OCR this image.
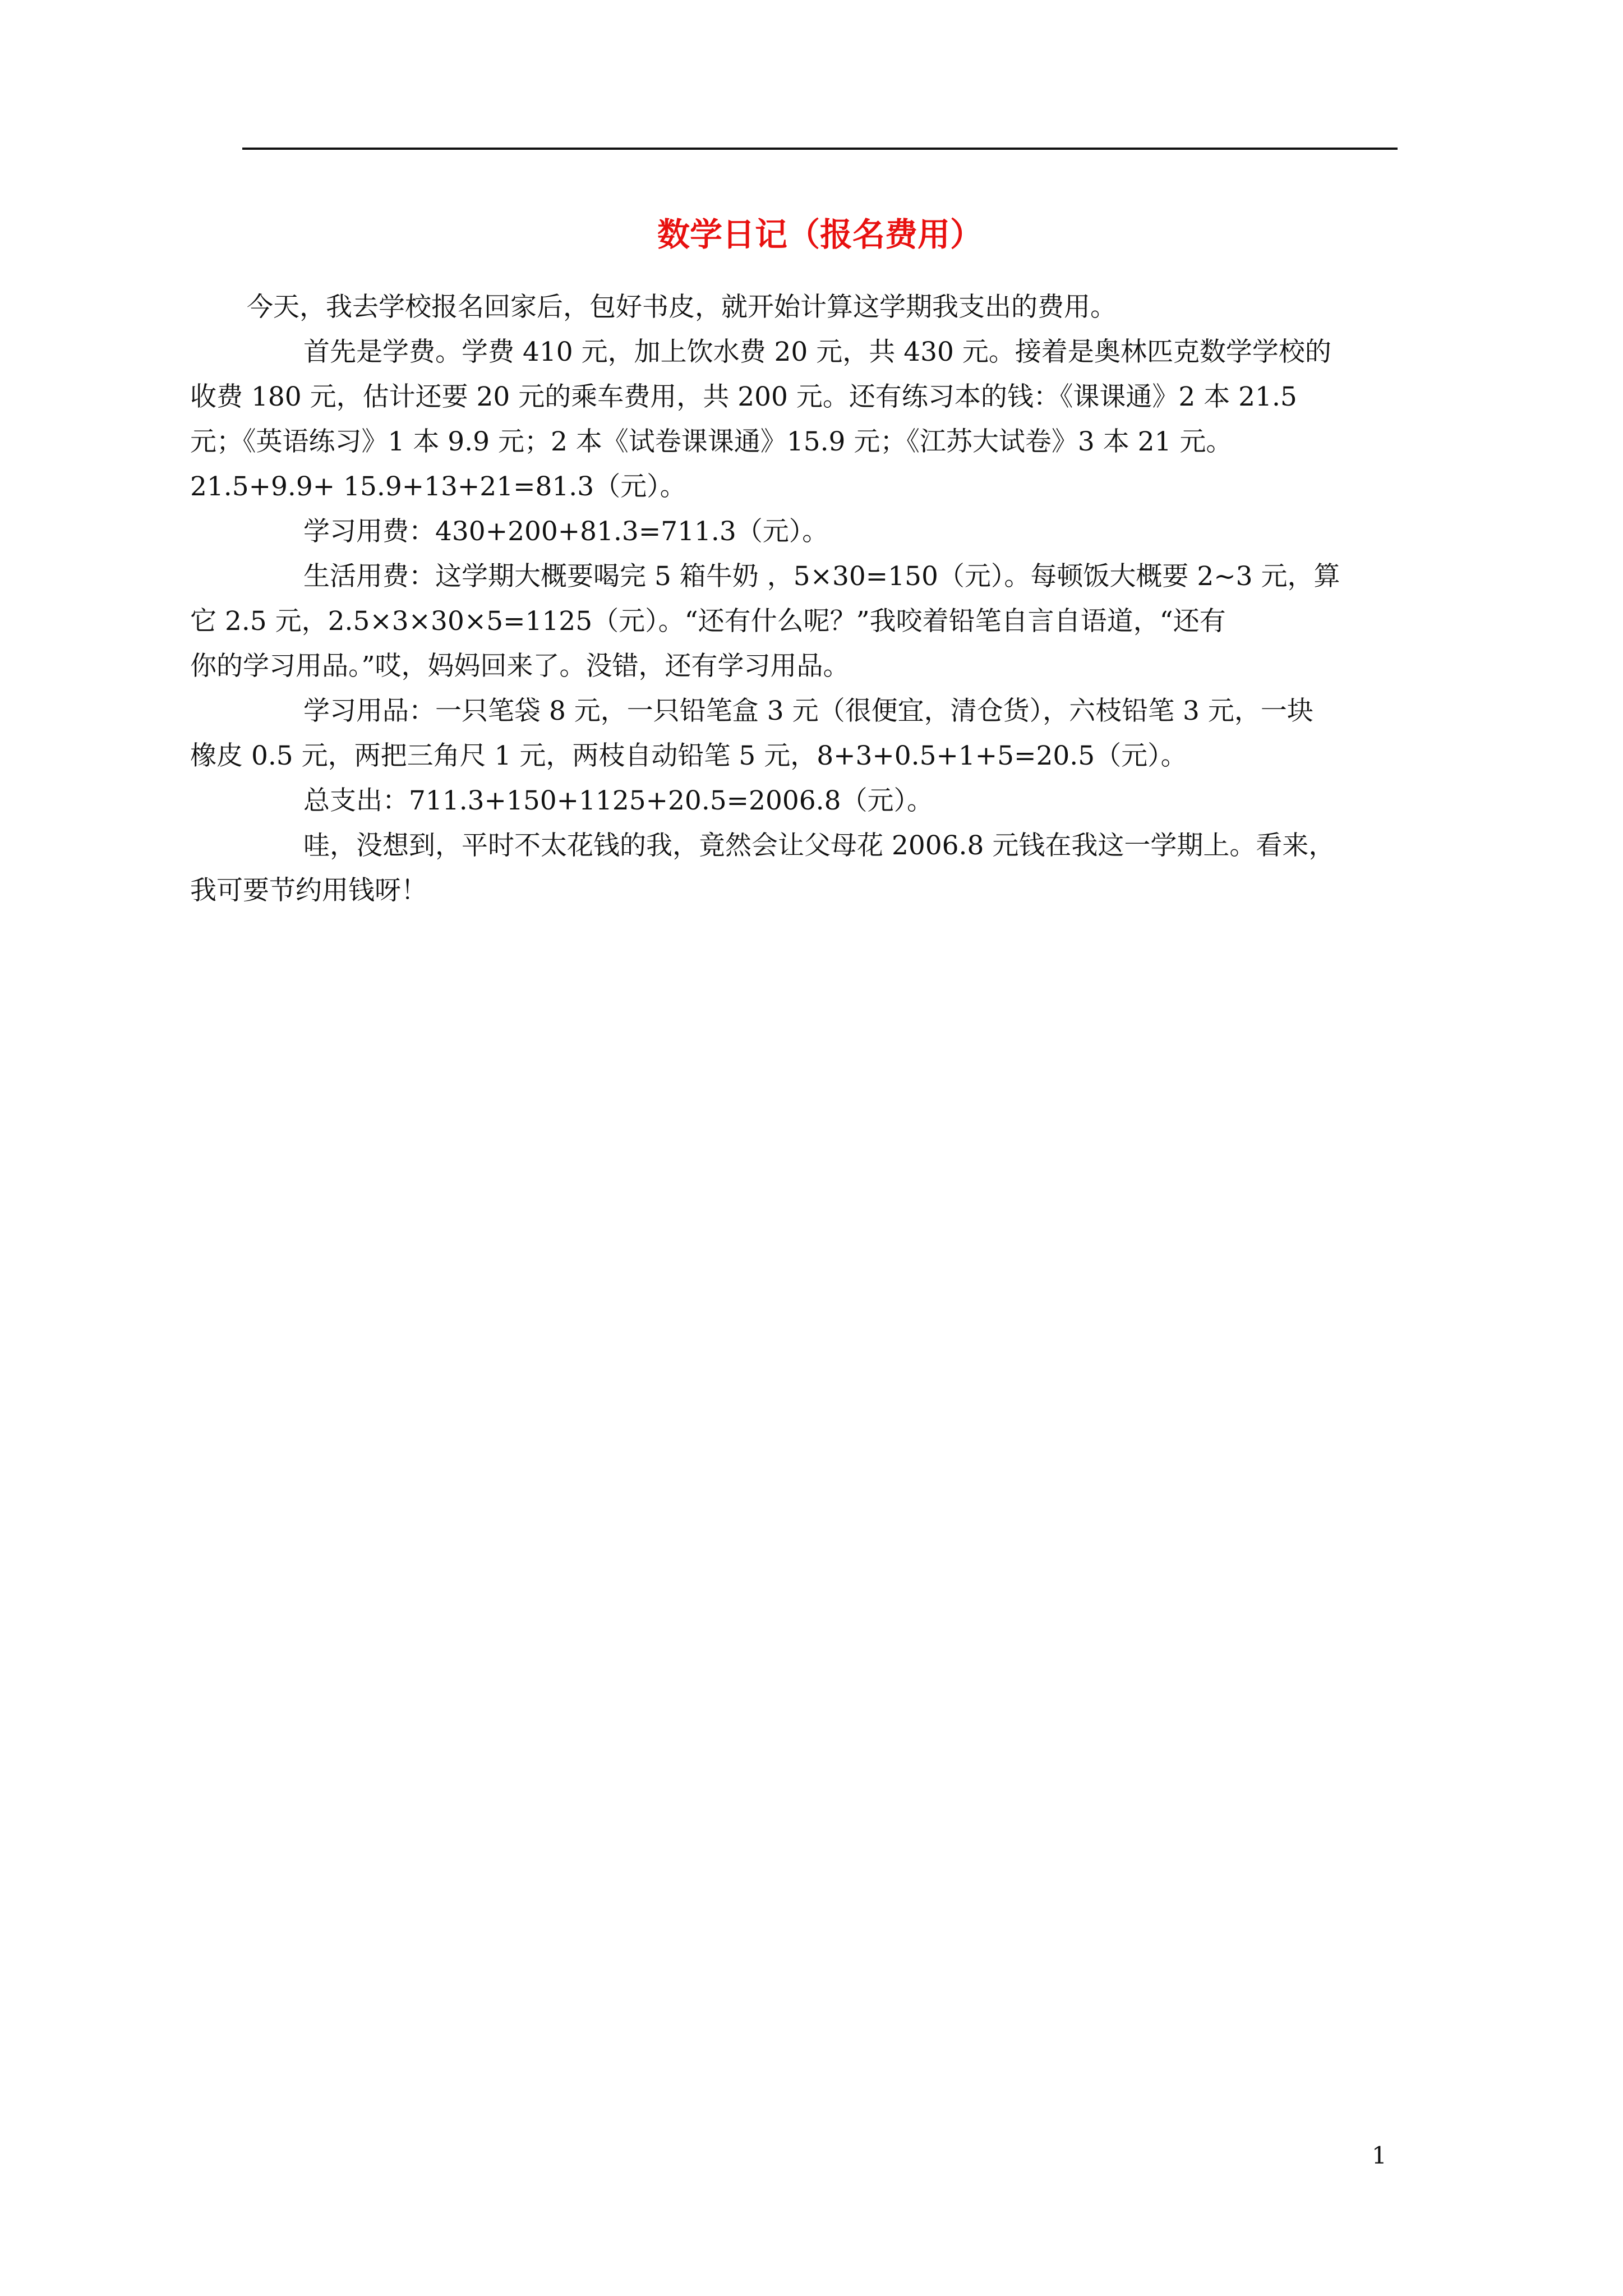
数学日记（报名费用）

今天，我去学校报名回家后，包好书皮，就开始计算这学期我支出的费用。

首先是学费。学费 410 元，加上饮水费 20 元，共 430 元。接着是奥林匹克数学学校的
收费 180 元，估计还要 20 元的乘车费用，共 200 元。还有练习本的钱：《课课通》2 本 21.5
元；《英语练习》1 本 9.9 元；2 本《试卷课课通》15.9 元；《江苏大试卷》3 本 21 元。
21.5+9.9+ 15.9+13+21=81.3（元）。

学习用费：430+200+81.3=711.3（元）。

生活用费：这学期大概要喝完 5 箱牛奶 ，5×30=150（元）。每顿饭大概要 2~3 元，算
它 2.5 元，2.5×3×30×5=1125（元）。“还有什么呢？”我咬着铅笔自言自语道，“还有
你的学习用品。”哎，妈妈回来了。没错，还有学习用品。

学习用品：一只笔袋 8 元，一只铅笔盒 3 元（很便宜，清仓货），六枝铅笔 3 元，一块
橡皮 0.5 元，两把三角尺 1 元，两枝自动铅笔 5 元，8+3+0.5+1+5=20.5（元）。

总支出：711.3+150+1125+20.5=2006.8（元）。

哇，没想到，平时不太花钱的我，竟然会让父母花 2006.8 元钱在我这一学期上。看来，
我可要节约用钱呀！

1
